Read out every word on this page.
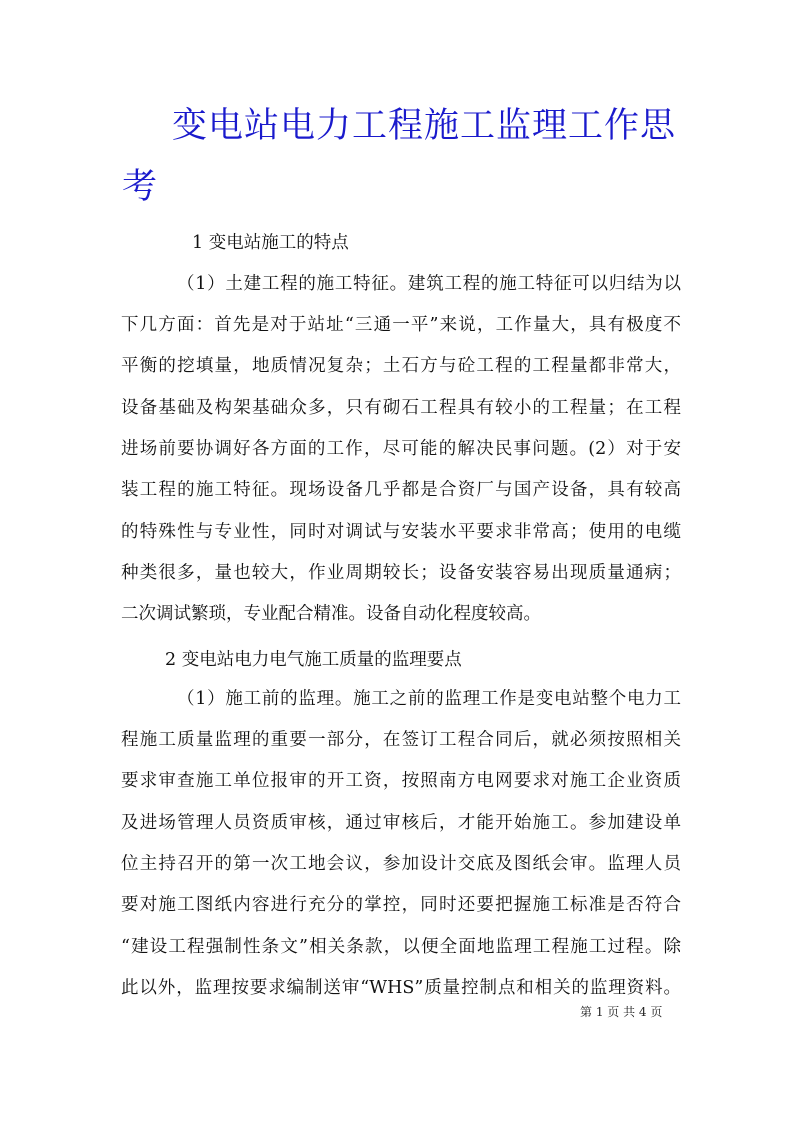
变电站电力工程施工监理工作思
考
1 变电站施工的特点
（1）土建工程的施工特征。建筑工程的施工特征可以归结为以
下几方面：首先是对于站址“三通一平”来说，工作量大，具有极度不
平衡的挖填量，地质情况复杂；土石方与砼工程的工程量都非常大，
设备基础及构架基础众多，只有砌石工程具有较小的工程量；在工程
进场前要协调好各方面的工作，尽可能的解决民事问题。(2）对于安
装工程的施工特征。现场设备几乎都是合资厂与国产设备，具有较高
的特殊性与专业性，同时对调试与安装水平要求非常高；使用的电缆
种类很多，量也较大，作业周期较长；设备安装容易出现质量通病；
二次调试繁琐，专业配合精准。设备自动化程度较高。
2 变电站电力电气施工质量的监理要点
（1）施工前的监理。施工之前的监理工作是变电站整个电力工
程施工质量监理的重要一部分，在签订工程合同后，就必须按照相关
要求审查施工单位报审的开工资，按照南方电网要求对施工企业资质
及进场管理人员资质审核，通过审核后，才能开始施工。参加建设单
位主持召开的第一次工地会议，参加设计交底及图纸会审。监理人员
要对施工图纸内容进行充分的掌控，同时还要把握施工标准是否符合
“建设工程强制性条文”相关条款，以便全面地监理工程施工过程。除
此以外，监理按要求编制送审“WHS”质量控制点和相关的监理资料。
第 1 页 共 4 页
